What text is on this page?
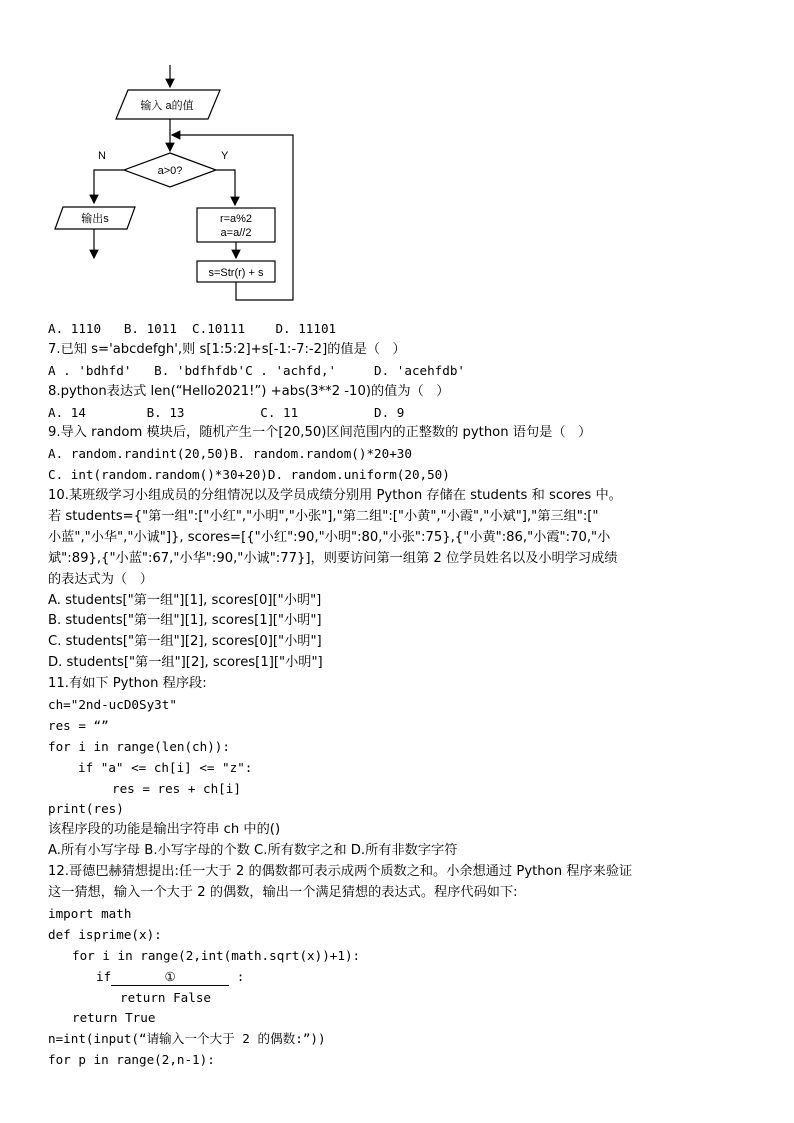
输入 a的值
a>0?
N
输出s
Y
r=a%2
a=a//2
s=Str(r) + s
A. 1110   B. 1011  C.10111    D. 11101
7.已知 s='abcdefgh',则 s[1:5:2]+s[-1:-7:-2]的值是（   ）
A . 'bdhfd'   B. 'bdfhfdb'C . 'achfd,'     D. 'acehfdb'
8.python表达式 len(“Hello2021!”) +abs(3**2 -10)的值为（   ）
A. 14        B. 13          C. 11          D. 9
9.导入 random 模块后，随机产生一个[20,50)区间范围内的正整数的 python 语句是（   ）
A. random.randint(20,50)B. random.random()*20+30
C. int(random.random()*30+20)D. random.uniform(20,50)
10.某班级学习小组成员的分组情况以及学员成绩分别用 Python 存储在 students 和 scores 中。
若 students={"第一组":["小红","小明","小张"],"第二组":["小黄","小霞","小斌"],"第三组":["
小蓝","小华","小诚"]}, scores=[{"小红":90,"小明":80,"小张":75},{"小黄":86,"小霞":70,"小
斌":89},{"小蓝":67,"小华":90,"小诚":77}]，则要访问第一组第 2 位学员姓名以及小明学习成绩
的表达式为（   ）
A. students["第一组"][1], scores[0]["小明"]
B. students["第一组"][1], scores[1]["小明"]
C. students["第一组"][2], scores[0]["小明"]
D. students["第一组"][2], scores[1]["小明"]
11.有如下 Python 程序段:
ch="2nd-ucD0Sy3t"
res = “”
for i in range(len(ch)):
if "a" <= ch[i] <= "z":
res = res + ch[i]
print(res)
该程序段的功能是输出字符串 ch 中的()
A.所有小写字母 B.小写字母的个数 C.所有数字之和 D.所有非数字字符
12.哥德巴赫猜想提出:任一大于 2 的偶数都可表示成两个质数之和。小余想通过 Python 程序来验证
这一猜想，输入一个大于 2 的偶数，输出一个满足猜想的表达式。程序代码如下:
import math
def isprime(x):
for i in range(2,int(math.sqrt(x))+1):
if	①	:
return False
return True
n=int(input(“请输入一个大于 2 的偶数:”))
for p in range(2,n-1):
